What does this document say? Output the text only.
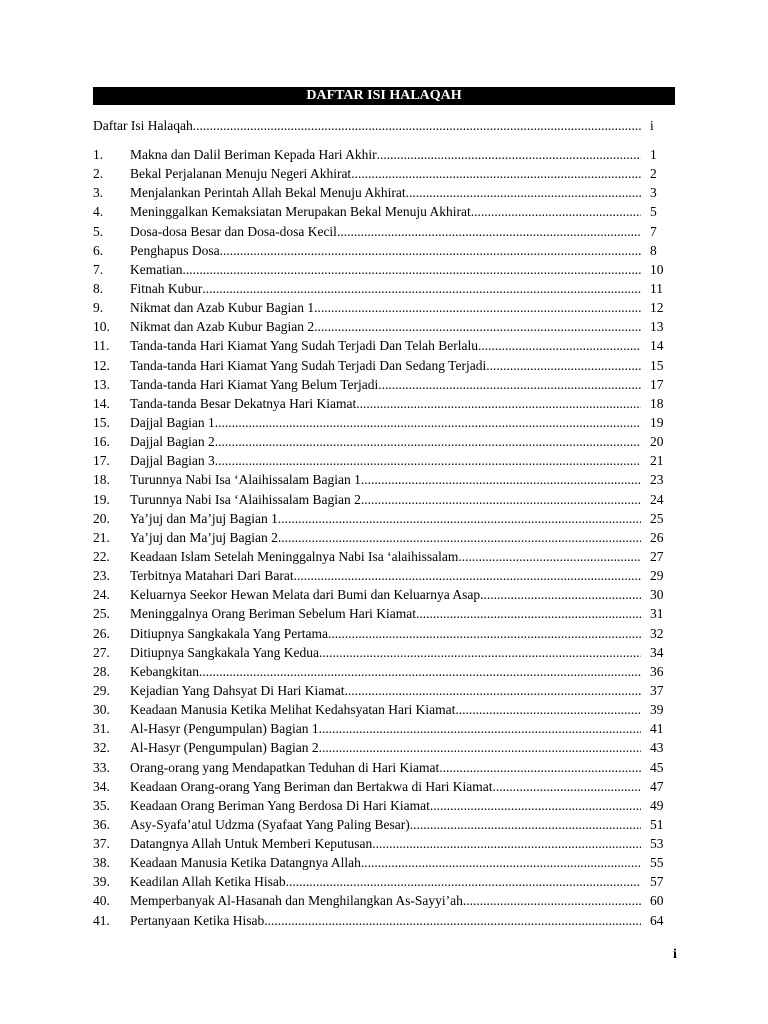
DAFTAR ISI HALAQAH
Daftar Isi Halaqah .....	i
1.	Makna dan Dalil Beriman Kepada Hari Akhir .....	1
2.	Bekal Perjalanan Menuju Negeri Akhirat .....	2
3.	Menjalankan Perintah Allah Bekal Menuju Akhirat .....	3
4.	Meninggalkan Kemaksiatan Merupakan Bekal Menuju Akhirat .....	5
5.	Dosa-dosa Besar dan Dosa-dosa Kecil .....	7
6.	Penghapus Dosa .....	8
7.	Kematian .....	10
8.	Fitnah Kubur .....	11
9.	Nikmat dan Azab Kubur Bagian 1 .....	12
10.	Nikmat dan Azab Kubur Bagian 2 .....	13
11.	Tanda-tanda Hari Kiamat Yang Sudah Terjadi Dan Telah Berlalu .....	14
12.	Tanda-tanda Hari Kiamat Yang Sudah Terjadi Dan Sedang Terjadi .....	15
13.	Tanda-tanda Hari Kiamat Yang Belum Terjadi .....	17
14.	Tanda-tanda Besar Dekatnya Hari Kiamat .....	18
15.	Dajjal Bagian 1 .....	19
16.	Dajjal Bagian 2 .....	20
17.	Dajjal Bagian 3 .....	21
18.	Turunnya Nabi Isa ‘Alaihissalam Bagian 1 .....	23
19.	Turunnya Nabi Isa ‘Alaihissalam Bagian 2 .....	24
20.	Ya’juj dan Ma’juj Bagian 1 .....	25
21.	Ya’juj dan Ma’juj Bagian 2 .....	26
22.	Keadaan Islam Setelah Meninggalnya Nabi Isa ‘alaihissalam .....	27
23.	Terbitnya Matahari Dari Barat .....	29
24.	Keluarnya Seekor Hewan Melata dari Bumi dan Keluarnya Asap .....	30
25.	Meninggalnya Orang Beriman Sebelum Hari Kiamat .....	31
26.	Ditiupnya Sangkakala Yang Pertama .....	32
27.	Ditiupnya Sangkakala Yang Kedua .....	34
28.	Kebangkitan .....	36
29.	Kejadian Yang Dahsyat Di Hari Kiamat .....	37
30.	Keadaan Manusia Ketika Melihat Kedahsyatan Hari Kiamat .....	39
31.	Al-Hasyr (Pengumpulan) Bagian 1 .....	41
32.	Al-Hasyr (Pengumpulan) Bagian 2 .....	43
33.	Orang-orang yang Mendapatkan Teduhan di Hari Kiamat .....	45
34.	Keadaan Orang-orang Yang Beriman dan Bertakwa di Hari Kiamat .....	47
35.	Keadaan Orang Beriman Yang Berdosa Di Hari Kiamat .....	49
36.	Asy-Syafa’atul Udzma (Syafaat Yang Paling Besar) .....	51
37.	Datangnya Allah Untuk Memberi Keputusan .....	53
38.	Keadaan Manusia Ketika Datangnya Allah .....	55
39.	Keadilan Allah Ketika Hisab .....	57
40.	Memperbanyak Al-Hasanah dan Menghilangkan As-Sayyi’ah .....	60
41.	Pertanyaan Ketika Hisab .....	64
i
